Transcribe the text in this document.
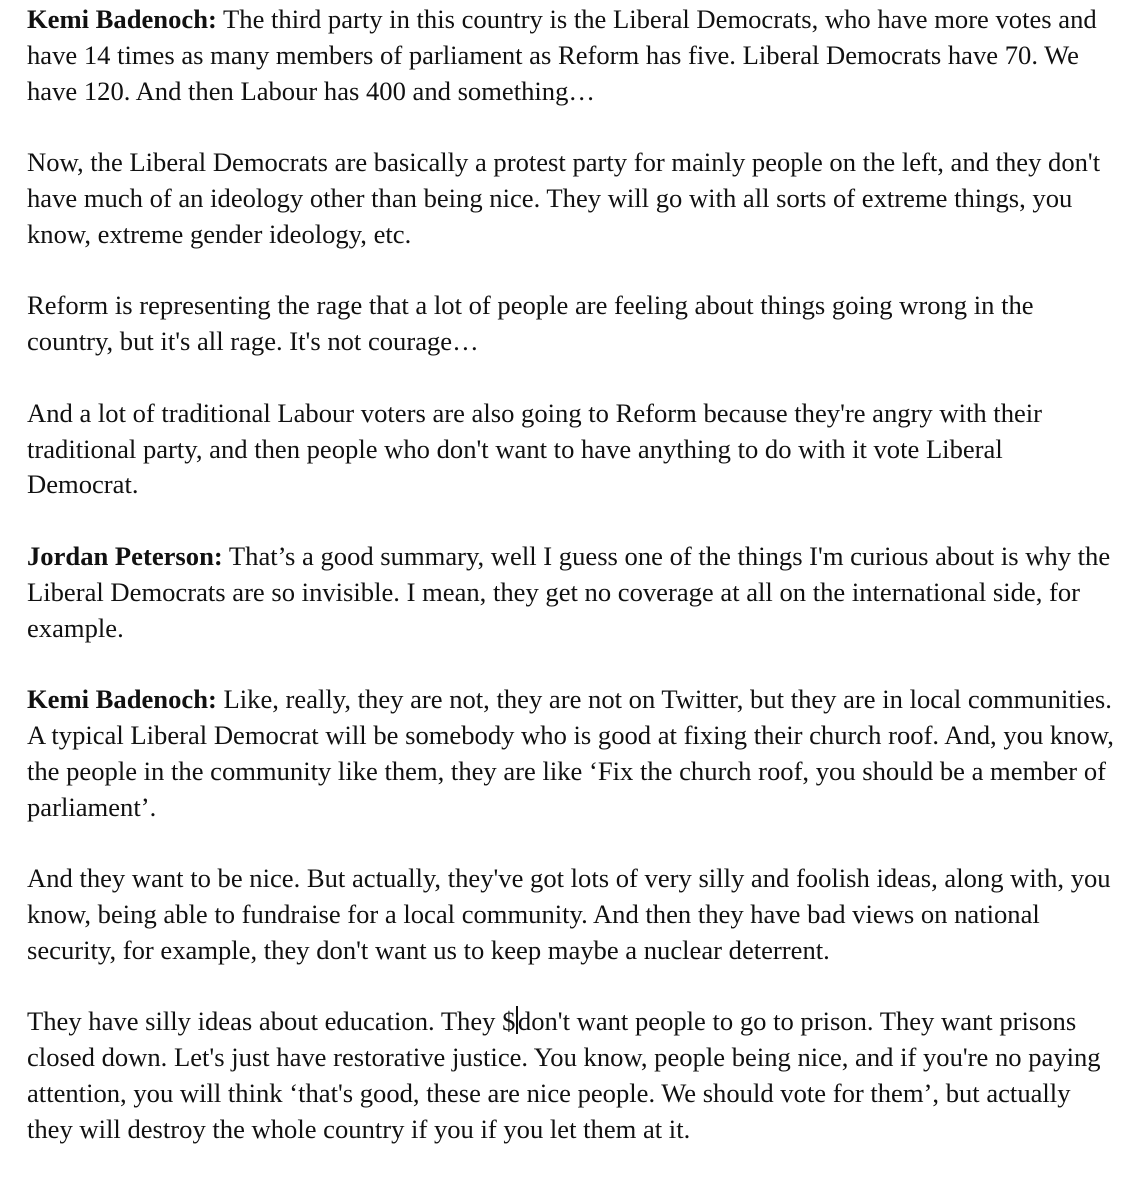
Kemi Badenoch: The third party in this country is the Liberal Democrats, who have more votes and have 14 times as many members of parliament as Reform has five. Liberal Democrats have 70. We have 120. And then Labour has 400 and something…

Now, the Liberal Democrats are basically a protest party for mainly people on the left, and they don't have much of an ideology other than being nice. They will go with all sorts of extreme things, you know, extreme gender ideology, etc.

Reform is representing the rage that a lot of people are feeling about things going wrong in the country, but it's all rage. It's not courage…

And a lot of traditional Labour voters are also going to Reform because they're angry with their traditional party, and then people who don't want to have anything to do with it vote Liberal Democrat.

Jordan Peterson: That’s a good summary, well I guess one of the things I'm curious about is why the Liberal Democrats are so invisible. I mean, they get no coverage at all on the international side, for example.

Kemi Badenoch: Like, really, they are not, they are not on Twitter, but they are in local communities. A typical Liberal Democrat will be somebody who is good at fixing their church roof. And, you know, the people in the community like them, they are like ‘Fix the church roof, you should be a member of parliament’.

And they want to be nice. But actually, they've got lots of very silly and foolish ideas, along with, you know, being able to fundraise for a local community. And then they have bad views on national security, for example, they don't want us to keep maybe a nuclear deterrent.

They have silly ideas about education. They $don't want people to go to prison. They want prisons closed down. Let's just have restorative justice. You know, people being nice, and if you're no paying attention, you will think ‘that's good, these are nice people. We should vote for them’, but actually they will destroy the whole country if you if you let them at it.
